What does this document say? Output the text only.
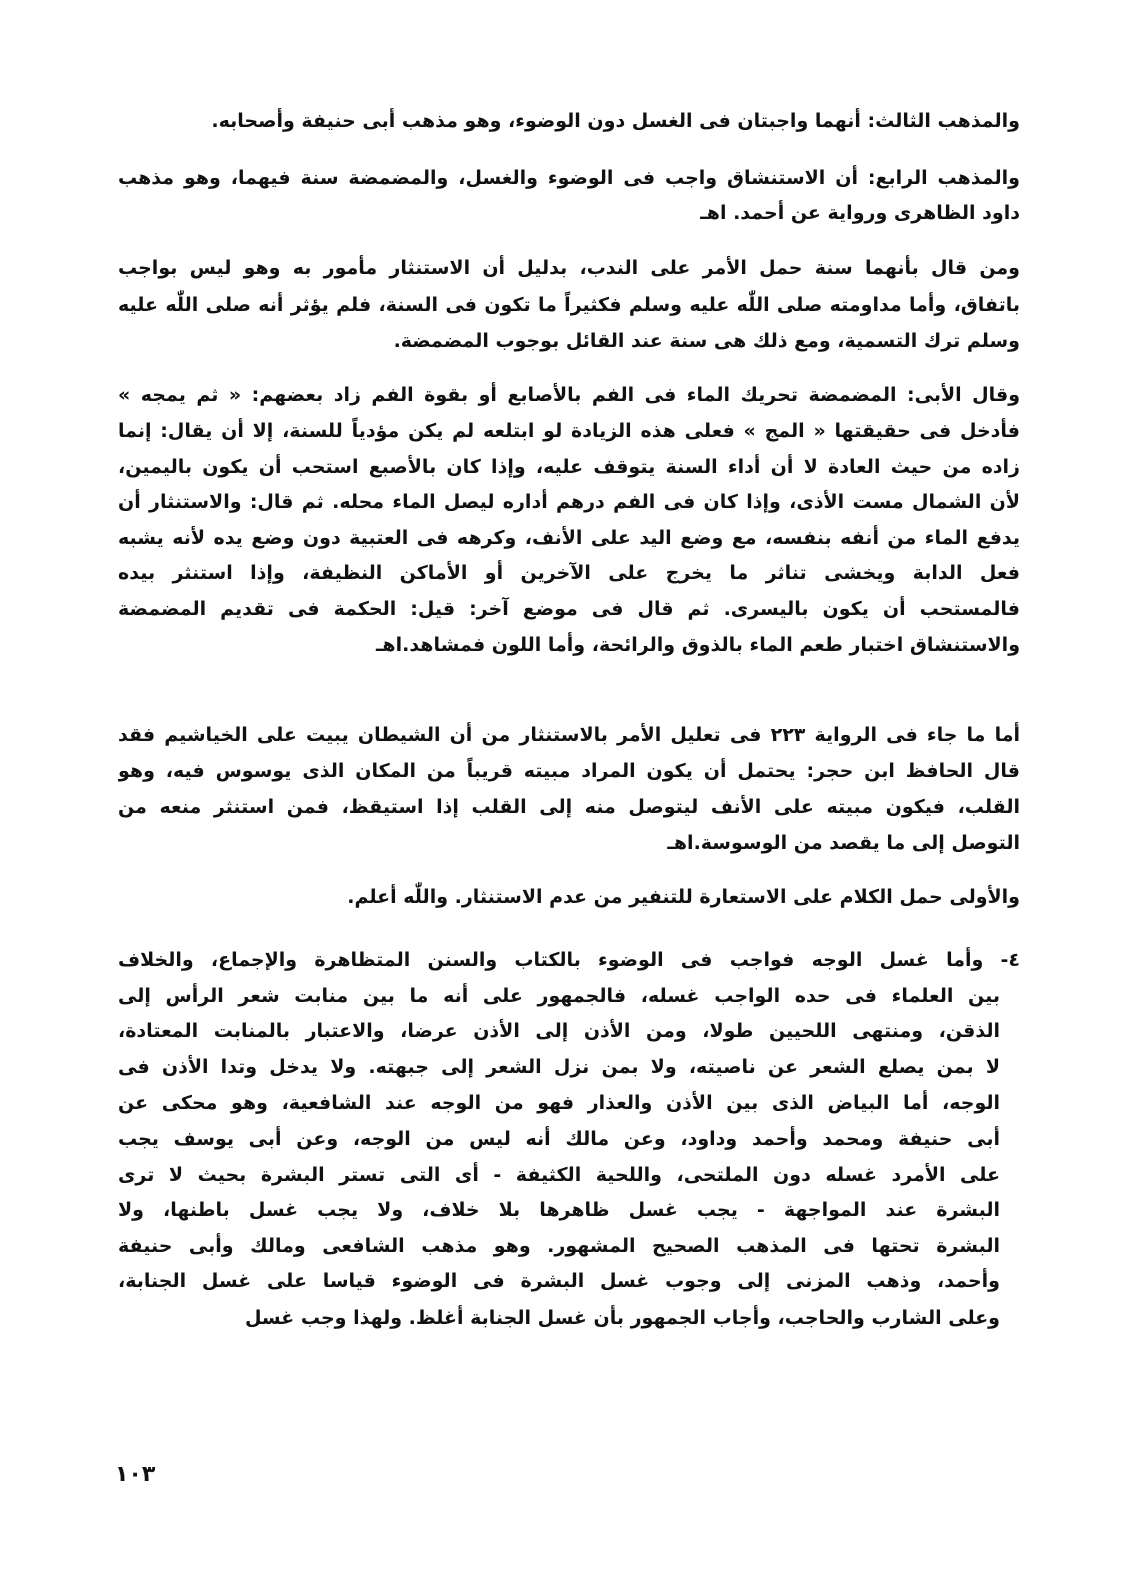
والمذهب الثالث: أنهما واجبتان فى الغسل دون الوضوء، وهو مذهب أبى حنيفة وأصحابه.
والمذهب الرابع: أن الاستنشاق واجب فى الوضوء والغسل، والمضمضة سنة فيهما، وهو مذهب
داود الظاهرى ورواية عن أحمد. اهـ
ومن قال بأنهما سنة حمل الأمر على الندب، بدليل أن الاستنثار مأمور به وهو ليس بواجب
باتفاق، وأما مداومته صلى اللّٰه عليه وسلم فكثيراً ما تكون فى السنة، فلم يؤثر أنه صلى اللّٰه عليه
وسلم ترك التسمية، ومع ذلك هى سنة عند القائل بوجوب المضمضة.
وقال الأبى: المضمضة تحريك الماء فى الفم بالأصابع أو بقوة الفم زاد بعضهم: « ثم يمجه »
فأدخل فى حقيقتها « المج » فعلى هذه الزيادة لو ابتلعه لم يكن مؤدياً للسنة، إلا أن يقال: إنما
زاده من حيث العادة لا أن أداء السنة يتوقف عليه، وإذا كان بالأصبع استحب أن يكون باليمين،
لأن الشمال مست الأذى، وإذا كان فى الفم درهم أداره ليصل الماء محله. ثم قال: والاستنثار أن
يدفع الماء من أنفه بنفسه، مع وضع اليد على الأنف، وكرهه فى العتبية دون وضع يده لأنه يشبه
فعل الدابة ويخشى تناثر ما يخرج على الآخرين أو الأماكن النظيفة، وإذا استنثر بيده
فالمستحب أن يكون باليسرى. ثم قال فى موضع آخر: قيل: الحكمة فى تقديم المضمضة
والاستنشاق اختبار طعم الماء بالذوق والرائحة، وأما اللون فمشاهد.اهـ
أما ما جاء فى الرواية ٢٢٣ فى تعليل الأمر بالاستنثار من أن الشيطان يبيت على الخياشيم فقد
قال الحافظ ابن حجر: يحتمل أن يكون المراد مبيته قريباً من المكان الذى يوسوس فيه، وهو
القلب، فيكون مبيته على الأنف ليتوصل منه إلى القلب إذا استيقظ، فمن استنثر منعه من
التوصل إلى ما يقصد من الوسوسة.اهـ
والأولى حمل الكلام على الاستعارة للتنفير من عدم الاستنثار. واللّٰه أعلم.
٤- وأما غسل الوجه فواجب فى الوضوء بالكتاب والسنن المتظاهرة والإجماع، والخلاف
بين العلماء فى حده الواجب غسله، فالجمهور على أنه ما بين منابت شعر الرأس إلى
الذقن، ومنتهى اللحيين طولا، ومن الأذن إلى الأذن عرضا، والاعتبار بالمنابت المعتادة،
لا بمن يصلع الشعر عن ناصيته، ولا بمن نزل الشعر إلى جبهته. ولا يدخل وتدا الأذن فى
الوجه، أما البياض الذى بين الأذن والعذار فهو من الوجه عند الشافعية، وهو محكى عن
أبى حنيفة ومحمد وأحمد وداود، وعن مالك أنه ليس من الوجه، وعن أبى يوسف يجب
على الأمرد غسله دون الملتحى، واللحية الكثيفة - أى التى تستر البشرة بحيث لا ترى
البشرة عند المواجهة - يجب غسل ظاهرها بلا خلاف، ولا يجب غسل باطنها، ولا
البشرة تحتها فى المذهب الصحيح المشهور. وهو مذهب الشافعى ومالك وأبى حنيفة
وأحمد، وذهب المزنى إلى وجوب غسل البشرة فى الوضوء قياسا على غسل الجنابة،
وعلى الشارب والحاجب، وأجاب الجمهور بأن غسل الجنابة أغلظ. ولهذا وجب غسل
١٠٣
